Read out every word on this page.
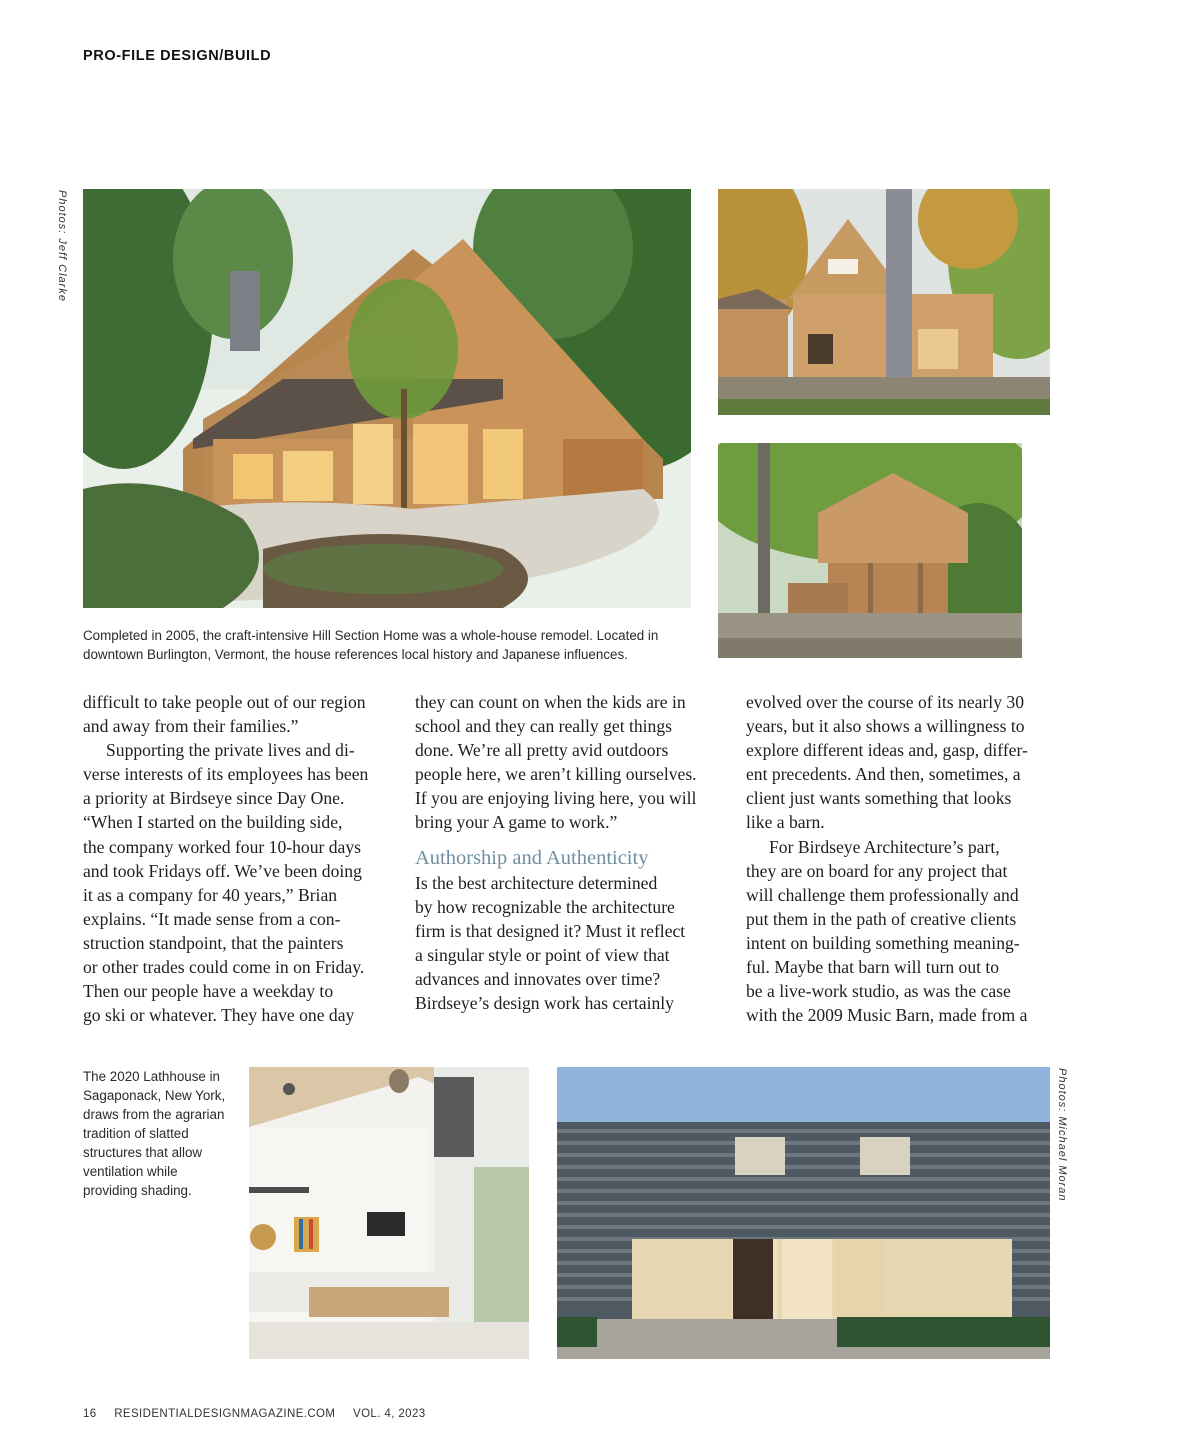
PRO-FILE DESIGN/BUILD
Photos: Jeff Clarke
Photos: Michael Moran
Completed in 2005, the craft-intensive Hill Section Home was a whole-house remodel. Located in downtown Burlington, Vermont, the house references local history and Japanese influences.
difficult to take people out of our region
and away from their families.”
Supporting the private lives and di-
verse interests of its employees has been
a priority at Birdseye since Day One.
“When I started on the building side,
the company worked four 10-hour days
and took Fridays off. We’ve been doing
it as a company for 40 years,” Brian
explains. “It made sense from a con-
struction standpoint, that the painters
or other trades could come in on Friday.
Then our people have a weekday to
go ski or whatever. They have one day
they can count on when the kids are in
school and they can really get things
done. We’re all pretty avid outdoors
people here, we aren’t killing ourselves.
If you are enjoying living here, you will
bring your A game to work.”
Authorship and Authenticity
Is the best architecture determined
by how recognizable the architecture
firm is that designed it? Must it reflect
a singular style or point of view that
advances and innovates over time?
Birdseye’s design work has certainly
evolved over the course of its nearly 30
years, but it also shows a willingness to
explore different ideas and, gasp, differ-
ent precedents. And then, sometimes, a
client just wants something that looks
like a barn.
For Birdseye Architecture’s part,
they are on board for any project that
will challenge them professionally and
put them in the path of creative clients
intent on building something meaning-
ful. Maybe that barn will turn out to
be a live-work studio, as was the case
with the 2009 Music Barn, made from a
The 2020 Lathhouse in Sagaponack, New York, draws from the agrarian tradition of slatted structures that allow ventilation while providing shading.
16 RESIDENTIALDESIGNMAGAZINE.COM VOL. 4, 2023
